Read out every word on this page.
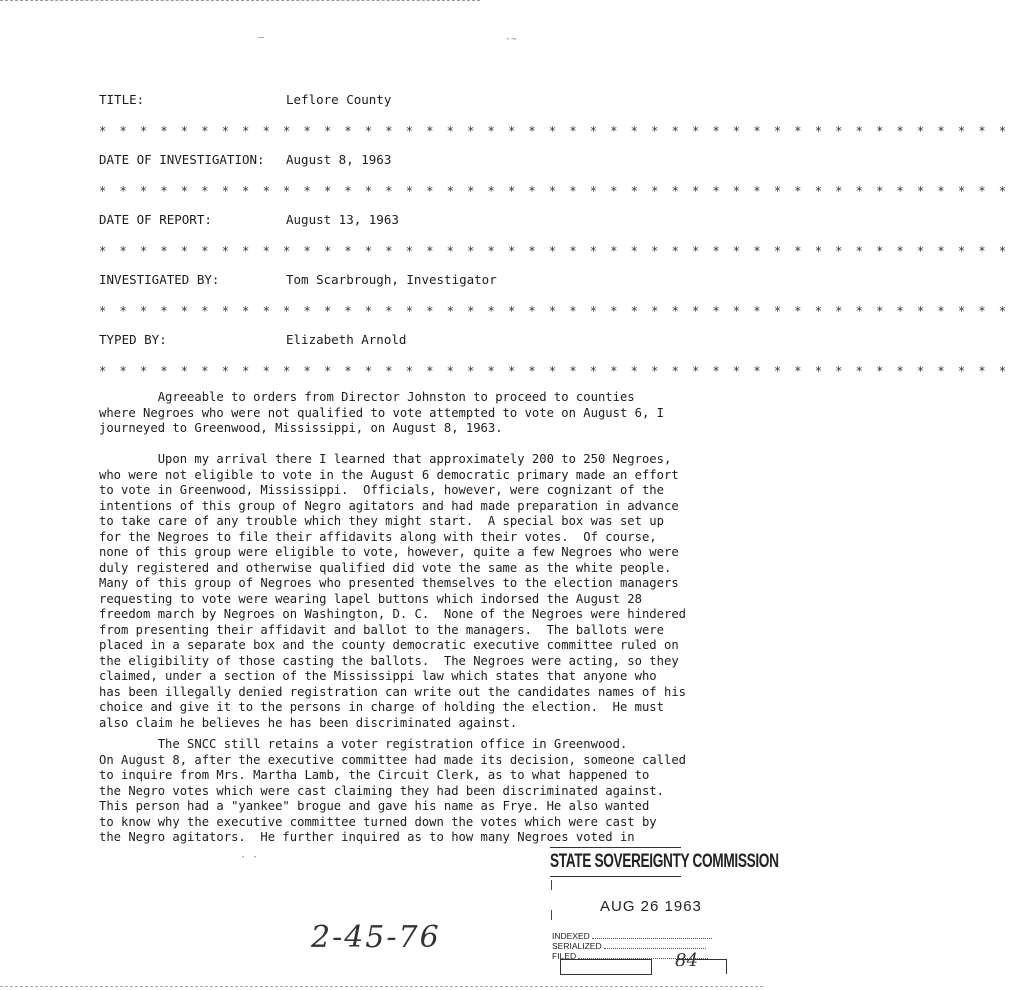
—	·~
TITLE:	Leflore County
* * * * * * * * * * * * * * * * * * * * * * * * * * * * * * * * * * * * * * * * * * * * *
DATE OF INVESTIGATION: August 8, 1963
* * * * * * * * * * * * * * * * * * * * * * * * * * * * * * * * * * * * * * * * * * * * *
DATE OF REPORT:	August 13, 1963
* * * * * * * * * * * * * * * * * * * * * * * * * * * * * * * * * * * * * * * * * * * * *
INVESTIGATED BY:	Tom Scarbrough, Investigator
* * * * * * * * * * * * * * * * * * * * * * * * * * * * * * * * * * * * * * * * * * * * *
TYPED BY:	Elizabeth Arnold
* * * * * * * * * * * * * * * * * * * * * * * * * * * * * * * * * * * * * * * * * * * * *
Agreeable to orders from Director Johnston to proceed to counties
where Negroes who were not qualified to vote attempted to vote on August 6, I
journeyed to Greenwood, Mississippi, on August 8, 1963.
Upon my arrival there I learned that approximately 200 to 250 Negroes,
who were not eligible to vote in the August 6 democratic primary made an effort
to vote in Greenwood, Mississippi.  Officials, however, were cognizant of the
intentions of this group of Negro agitators and had made preparation in advance
to take care of any trouble which they might start.  A special box was set up
for the Negroes to file their affidavits along with their votes.  Of course,
none of this group were eligible to vote, however, quite a few Negroes who were
duly registered and otherwise qualified did vote the same as the white people.
Many of this group of Negroes who presented themselves to the election managers
requesting to vote were wearing lapel buttons which indorsed the August 28
freedom march by Negroes on Washington, D. C.  None of the Negroes were hindered
from presenting their affidavit and ballot to the managers.  The ballots were
placed in a separate box and the county democratic executive committee ruled on
the eligibility of those casting the ballots.  The Negroes were acting, so they
claimed, under a section of the Mississippi law which states that anyone who
has been illegally denied registration can write out the candidates names of his
choice and give it to the persons in charge of holding the election.  He must
also claim he believes he has been discriminated against.
The SNCC still retains a voter registration office in Greenwood.
On August 8, after the executive committee had made its decision, someone called
to inquire from Mrs. Martha Lamb, the Circuit Clerk, as to what happened to
the Negro votes which were cast claiming they had been discriminated against.
This person had a "yankee" brogue and gave his name as Frye. He also wanted
to know why the executive committee turned down the votes which were cast by
the Negro agitators.  He further inquired as to how many Negroes voted in
· ·	STATE SOVEREIGNTY COMMISSION
AUG 26 1963
INDEXED
SERIALIZED
FILED
2-45-76
84
